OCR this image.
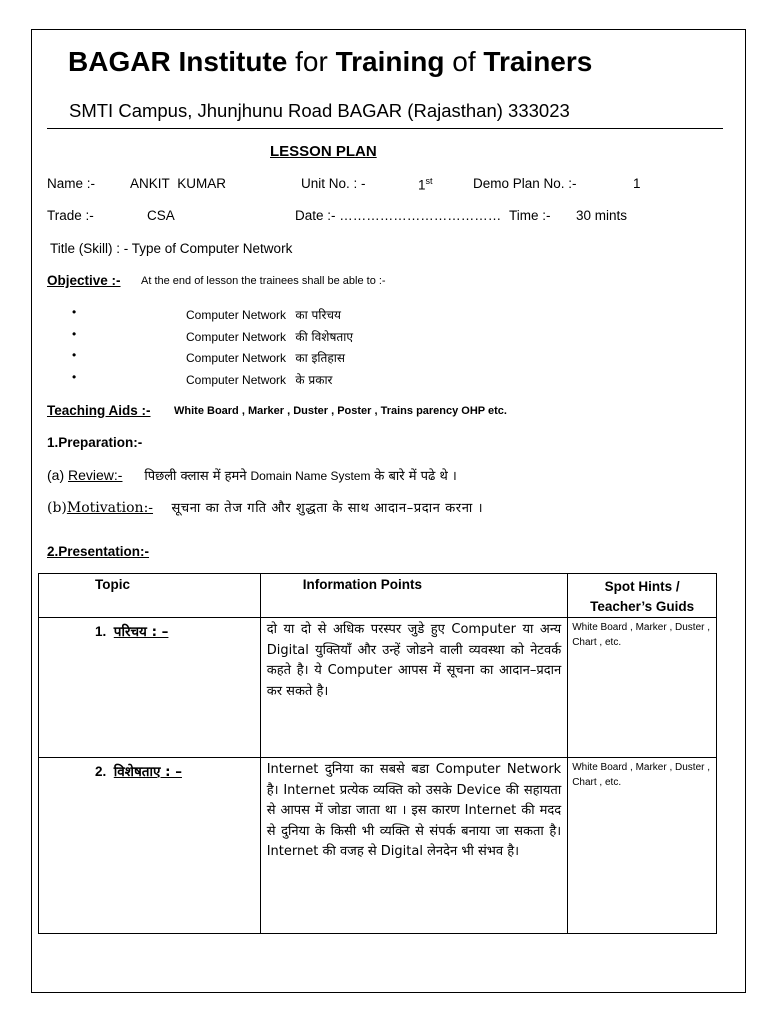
BAGAR Institute for Training of Trainers
SMTI Campus, Jhunjhunu Road BAGAR (Rajasthan) 333023
LESSON PLAN
Name :-	ANKIT KUMAR	Unit No. : -	1st	Demo Plan No. :-	1
Trade :-	CSA	Date :- ……………………………… Time :- 30 mints
Title (Skill) : - Type of Computer Network
Objective :- At the end of lesson the trainees shall be able to :-
•	Computer Network का परिचय
•	Computer Network की विशेषताए
•	Computer Network का इतिहास
•	Computer Network के प्रकार
Teaching Aids :- White Board , Marker , Duster , Poster , Trains parency OHP etc.
1.Preparation:-
(a) Review:- पिछली क्लास में हमने Domain Name System के बारे में पढे थे ।
(b)Motivation:- सूचना का तेज गति और शुद्धता के साथ आदान–प्रदान करना ।
2.Presentation:-
Topic	Information Points	Spot Hints / Teacher’s Guids
1. परिचय : –	दो या दो से अधिक परस्पर जुडे हुए Computer या अन्य Digital युक्तियाँ और उन्हें जोडने वाली व्यवस्था को नेटवर्क कहते है। ये Computer आपस में सूचना का आदान–प्रदान कर सकते है।	White Board , Marker , Duster , Chart , etc.
2. विशेषताए : –	Internet दुनिया का सबसे बडा Computer Network है। Internet प्रत्येक व्यक्ति को उसके Device की सहायता से आपस में जोडा जाता था । इस कारण Internet की मदद से दुनिया के किसी भी व्यक्ति से संपर्क बनाया जा सकता है। Internet की वजह से Digital लेनदेन भी संभव है।	White Board , Marker , Duster , Chart , etc.
